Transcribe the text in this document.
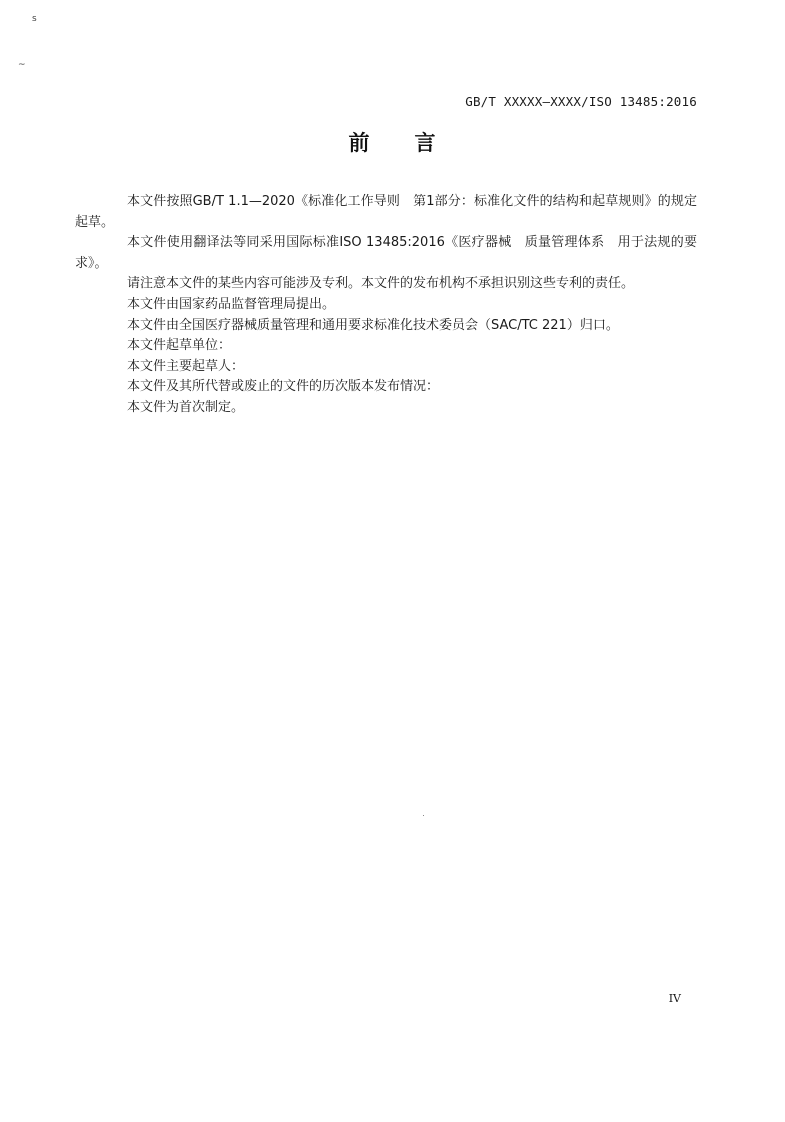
s
~
GB/T XXXXX—XXXX/ISO 13485:2016
前　　言

本文件按照GB/T 1.1—2020《标准化工作导则　第1部分：标准化文件的结构和起草规则》的规定
起草。

本文件使用翻译法等同采用国际标准ISO 13485:2016《医疗器械　质量管理体系　用于法规的要
求》。

请注意本文件的某些内容可能涉及专利。本文件的发布机构不承担识别这些专利的责任。

本文件由国家药品监督管理局提出。

本文件由全国医疗器械质量管理和通用要求标准化技术委员会（SAC/TC 221）归口。

本文件起草单位：

本文件主要起草人：

本文件及其所代替或废止的文件的历次版本发布情况：

本文件为首次制定。

IV
